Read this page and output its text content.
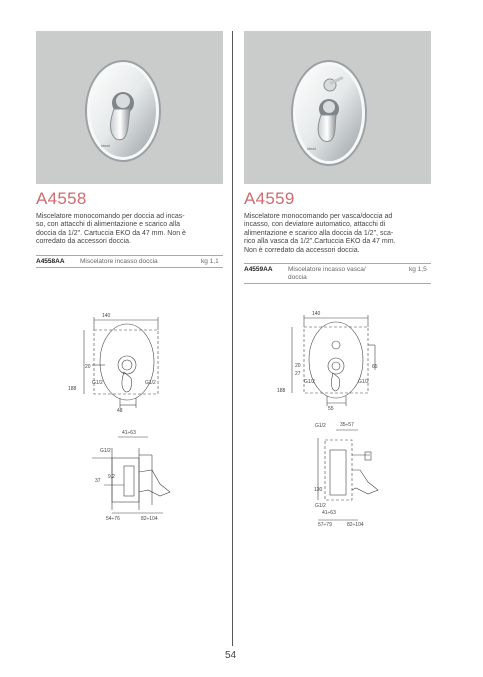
Ideal
Ideal
A4558
Miscelatore monocomando per doccia ad incas-
so, con attacchi di alimentazione e scarico alla
doccia da 1/2". Cartuccia EKO da 47 mm. Non è
corredato da accessori doccia.
A4558AA Miscelatore incasso doccia	kg 1,1
A4559
Miscelatore monocomando per vasca/doccia ad
incasso, con deviatore automatico, attacchi di
alimentazione e scarico alla doccia da 1/2", sca-
rico alla vasca da 1/2".Cartuccia EKO da 47 mm.
Non è corredato da accessori doccia.
A4559AA Miscelatore incasso vasca/
doccia
kg 1,5
140
20
188
G1/2	G1/2
48
41÷63
G1/2
37
9,2
54÷76	82÷104
140
20	65
27
188
G1/2	G1/2
55
G1/2	35÷57
130
G1/2
41÷63
57÷79	82÷104
54
